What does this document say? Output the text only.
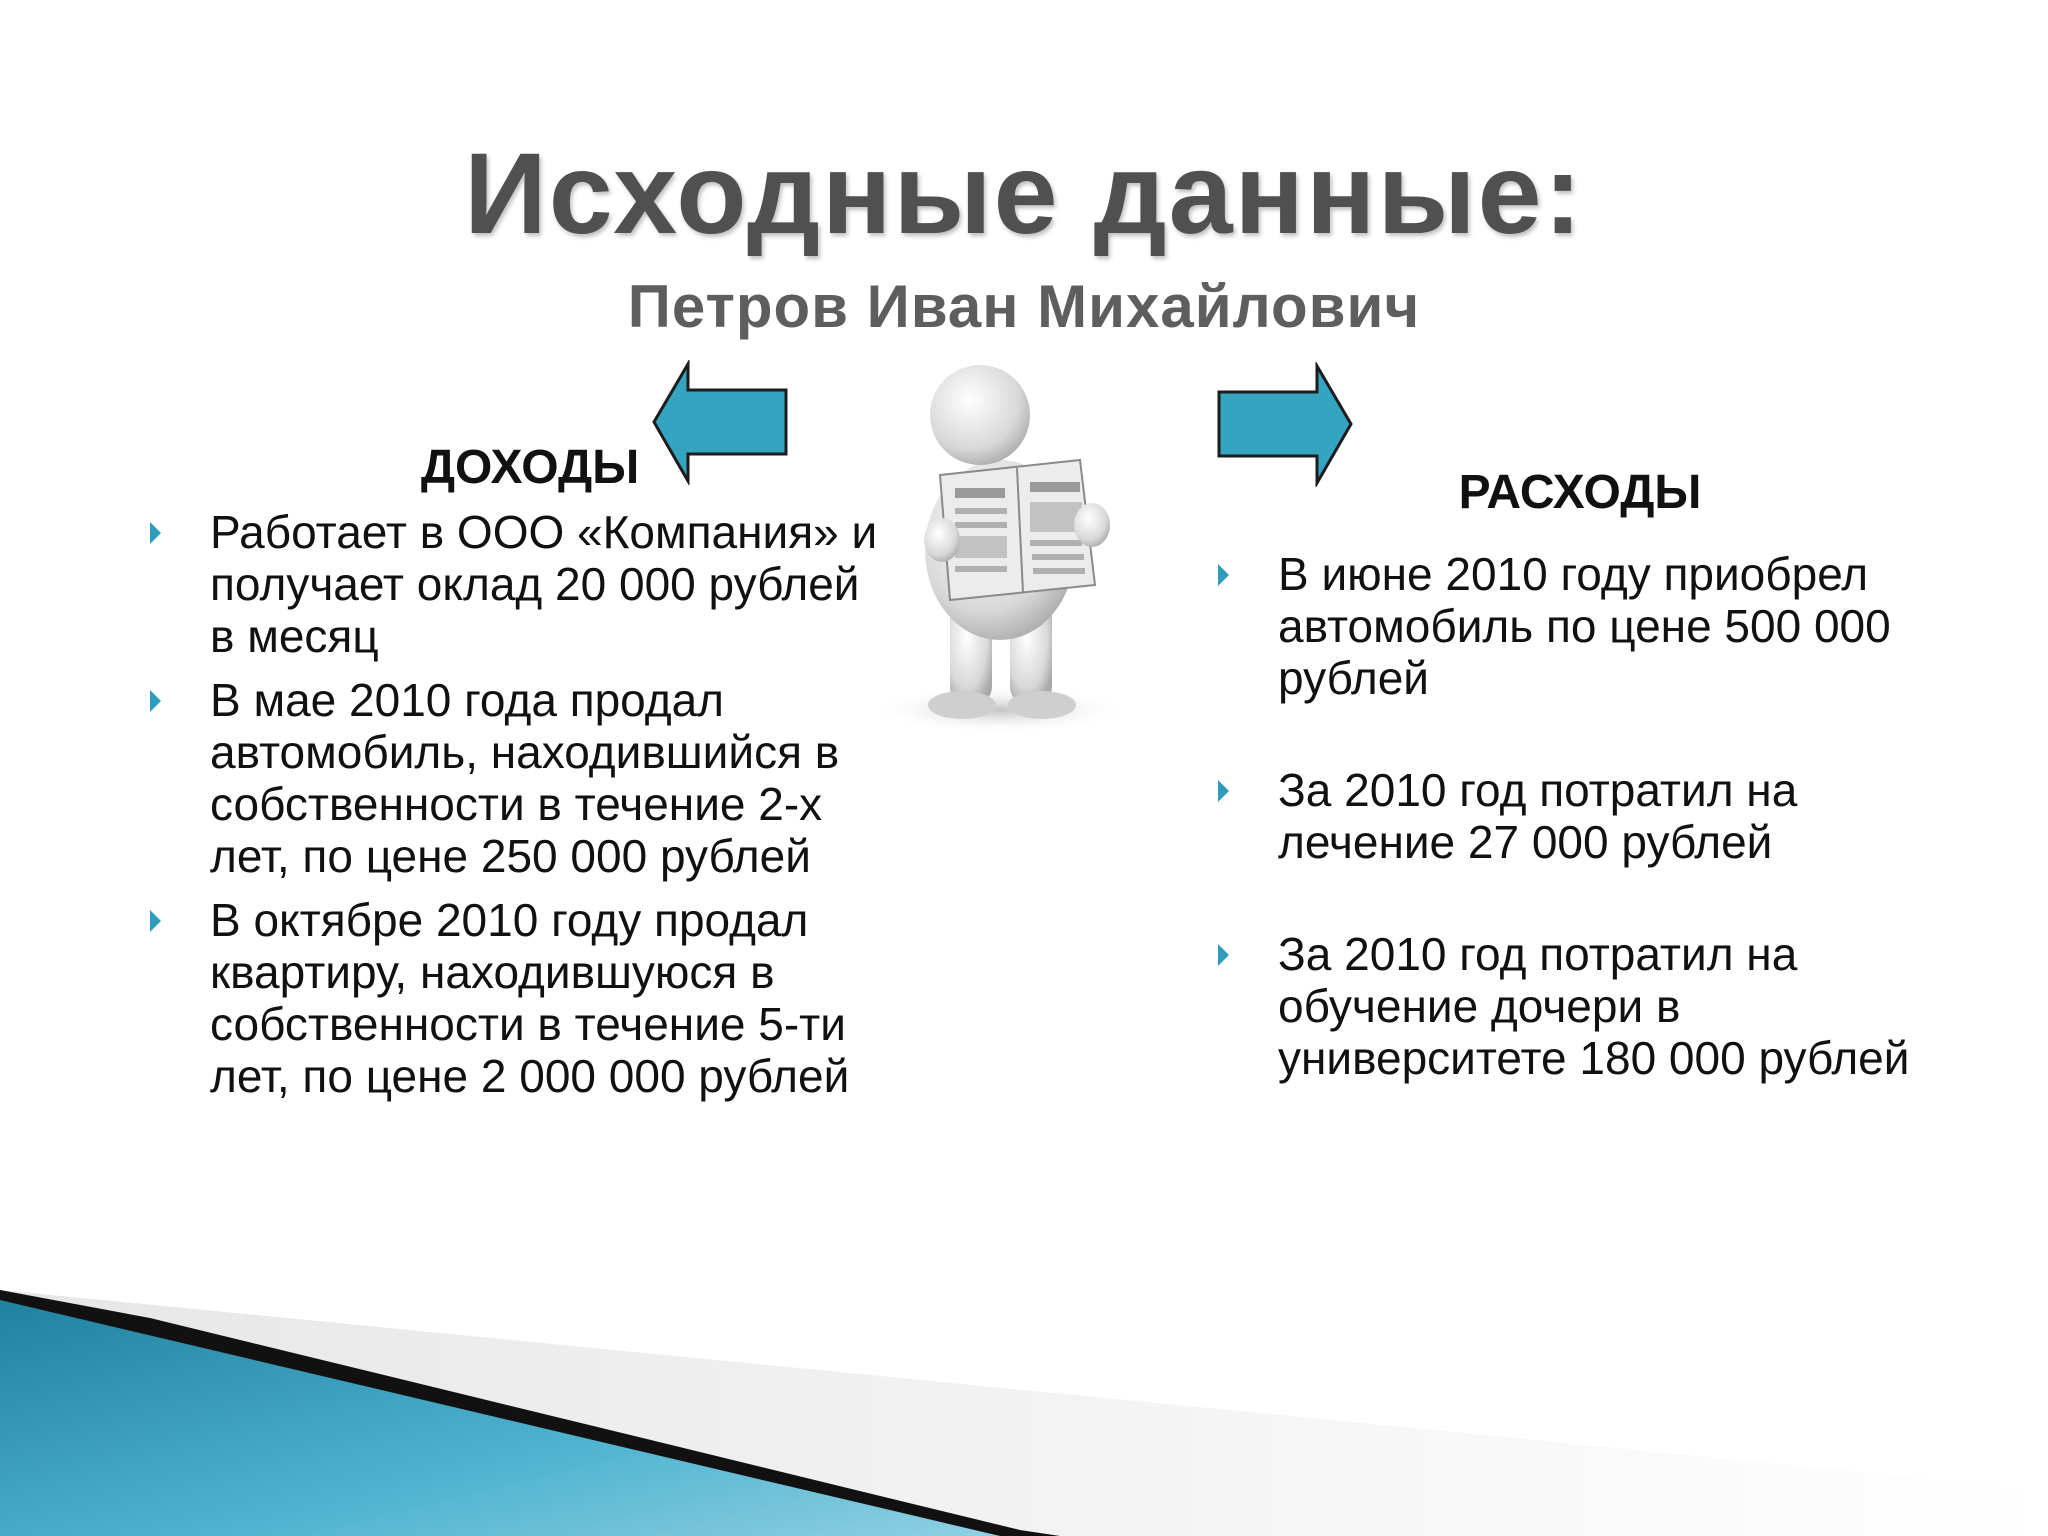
Исходные данные:
Петров Иван Михайлович
ДОХОДЫ
Работает в ООО «Компания» и получает оклад 20 000 рублей в месяц
В мае 2010 года продал автомобиль, находившийся в собственности в течение 2-х лет, по цене 250 000 рублей
В октябре 2010 году продал квартиру, находившуюся в собственности в течение 5-ти лет, по цене 2 000 000 рублей
РАСХОДЫ
В июне 2010 году приобрел автомобиль по цене 500 000 рублей
За 2010 год потратил на лечение 27 000 рублей
За 2010 год потратил на обучение дочери в университете 180 000 рублей
